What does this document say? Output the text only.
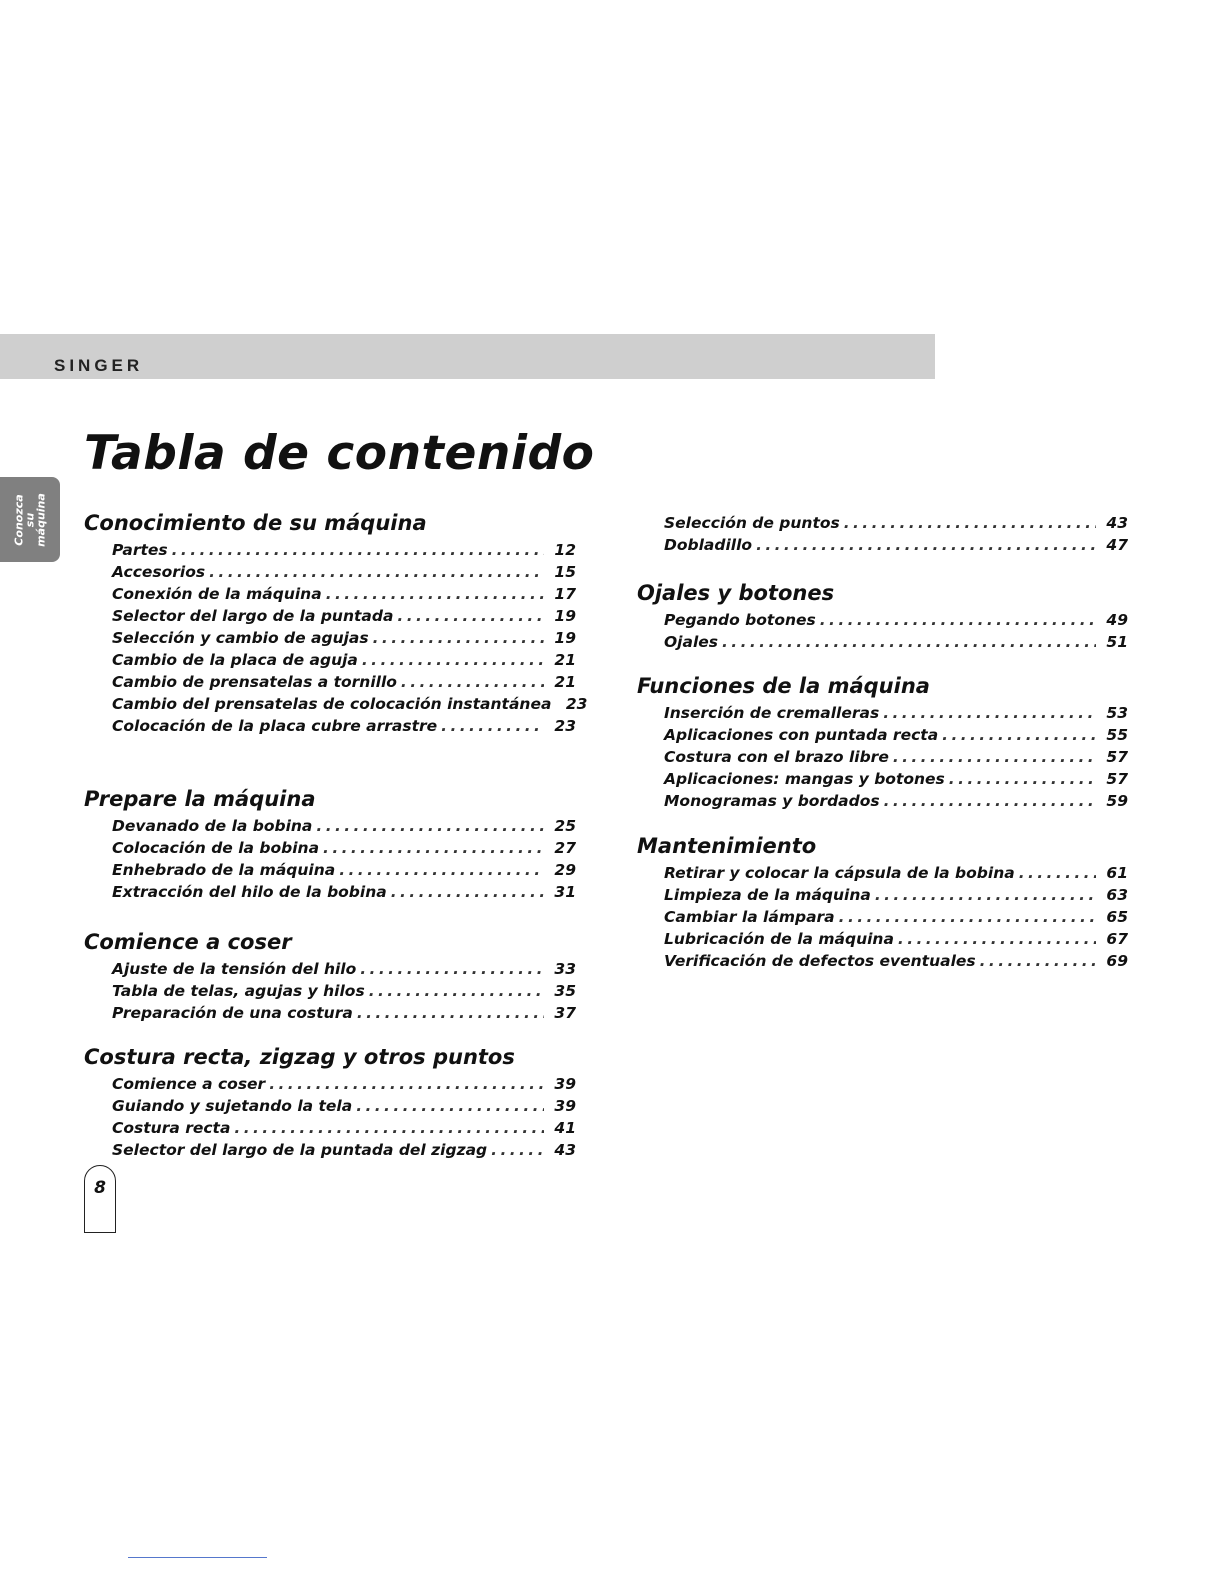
SINGER
Conozca
su
máquina
Tabla de contenido
Conocimiento de su máquina
Partes . . .	12
Accesorios . . .	15
Conexión de la máquina . . .	17
Selector del largo de la puntada . . .	19
Selección y cambio de agujas . . .	19
Cambio de la placa de aguja . . .	21
Cambio de prensatelas a tornillo . . .	21
Cambio del prensatelas de colocación instantánea 23
Colocación de la placa cubre arrastre . . .	23
Prepare la máquina
Devanado de la bobina . . .	25
Colocación de la bobina . . .	27
Enhebrado de la máquina . . .	29
Extracción del hilo de la bobina . . .	31
Comience a coser
Ajuste de la tensión del hilo . . .	33
Tabla de telas, agujas y hilos . . .	35
Preparación de una costura . . .	37
Costura recta, zigzag y otros puntos
Comience a coser . . .	39
Guiando y sujetando la tela . . .	39
Costura recta . . .	41
Selector del largo de la puntada del zigzag . . .	43
Selección de puntos . . .	43
Dobladillo . . .	47
Ojales y botones
Pegando botones . . .	49
Ojales . . .	51
Funciones de la máquina
Inserción de cremalleras . . .	53
Aplicaciones con puntada recta . . .	55
Costura con el brazo libre . . .	57
Aplicaciones: mangas y botones . . .	57
Monogramas y bordados . . .	59
Mantenimiento
Retirar y colocar la cápsula de la bobina . . .	61
Limpieza de la máquina . . .	63
Cambiar la lámpara . . .	65
Lubricación de la máquina . . .	67
Verificación de defectos eventuales . . .	69
8
